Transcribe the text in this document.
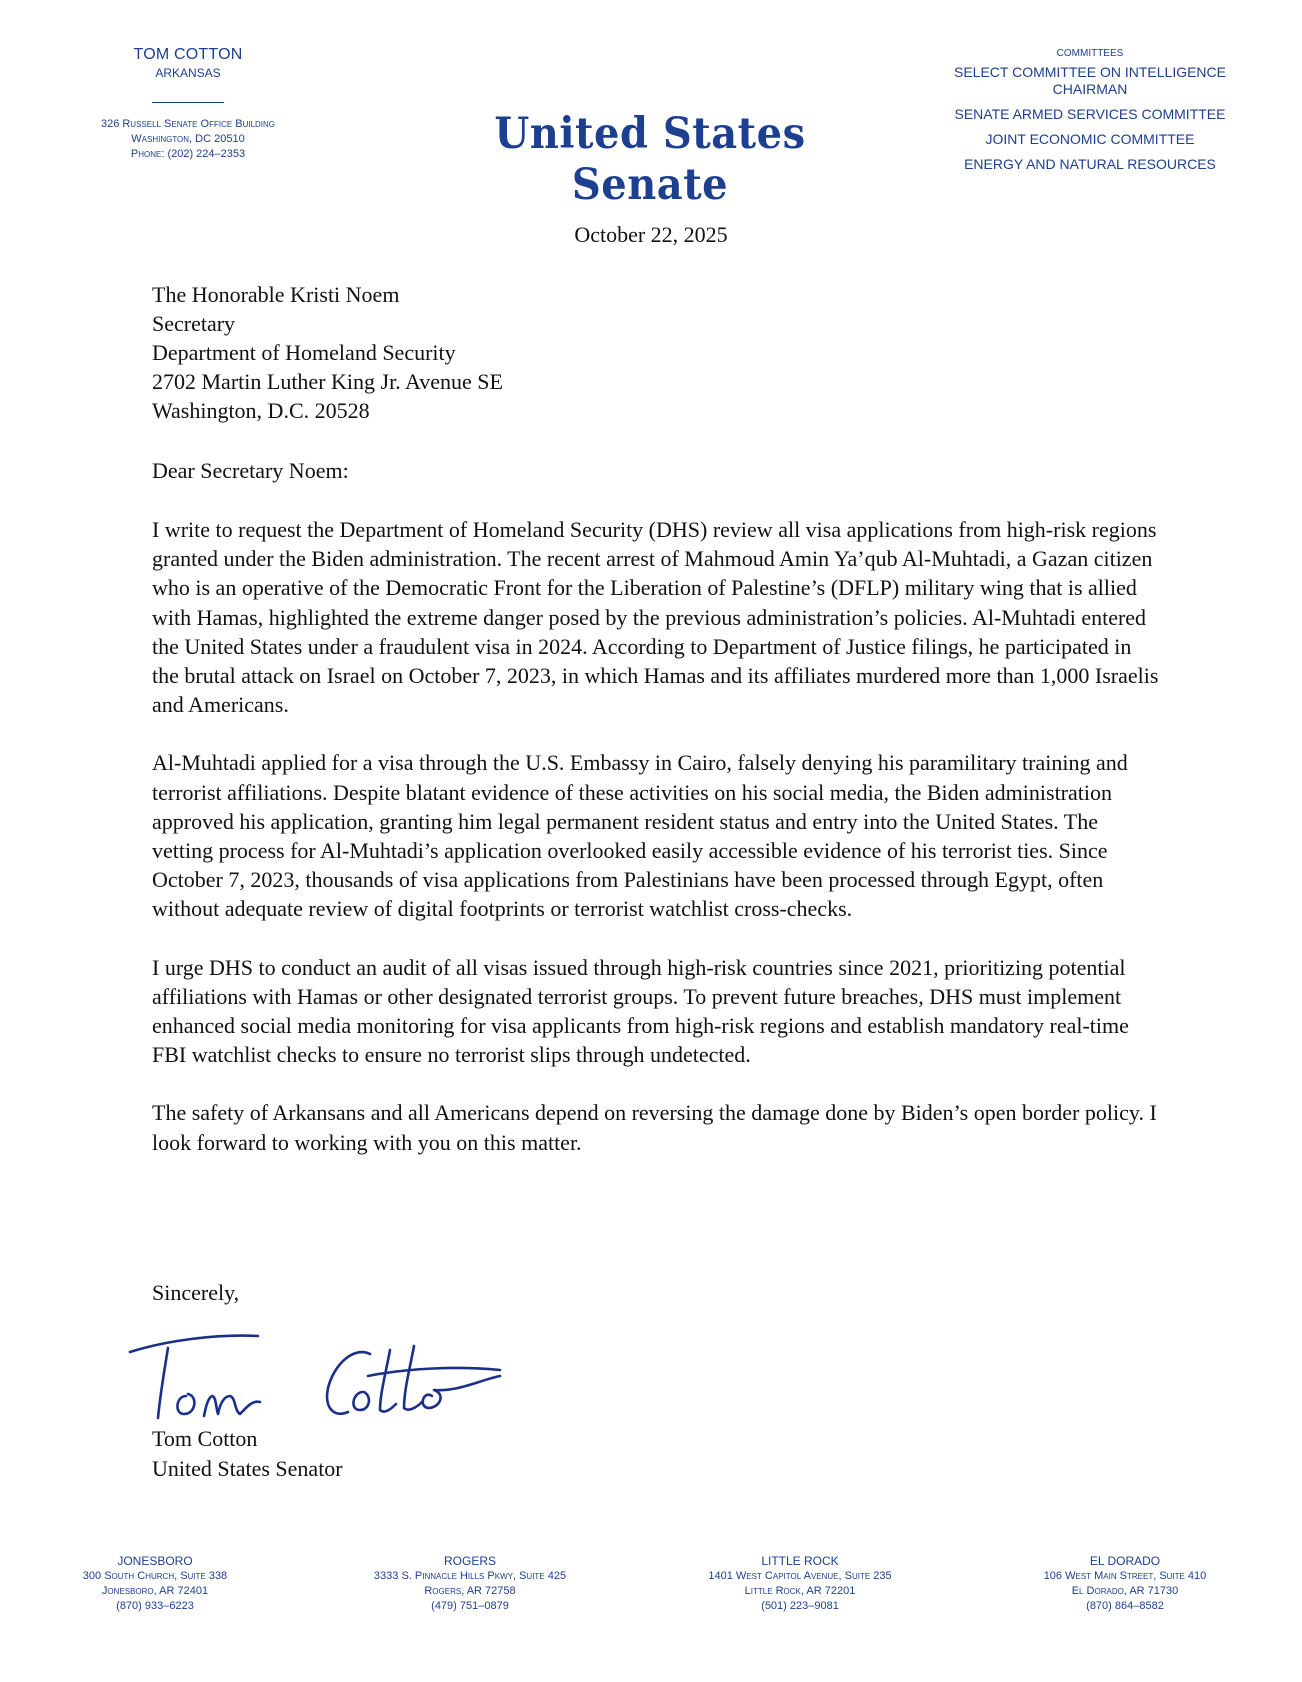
TOM COTTON
ARKANSAS
326 Russell Senate Office Building
Washington, DC 20510
Phone: (202) 224–2353	United States Senate
COMMITTEES
SELECT COMMITTEE ON INTELLIGENCE
CHAIRMAN
SENATE ARMED SERVICES COMMITTEE
JOINT ECONOMIC COMMITTEE
ENERGY AND NATURAL RESOURCES
October 22, 2025
The Honorable Kristi Noem
Secretary
Department of Homeland Security
2702 Martin Luther King Jr. Avenue SE
Washington, D.C. 20528
Dear Secretary Noem:

I write to request the Department of Homeland Security (DHS) review all visa applications from high-risk regions granted under the Biden administration. The recent arrest of Mahmoud Amin Ya’qub Al-Muhtadi, a Gazan citizen who is an operative of the Democratic Front for the Liberation of Palestine’s (DFLP) military wing that is allied with Hamas, highlighted the extreme danger posed by the previous administration’s policies. Al-Muhtadi entered the United States under a fraudulent visa in 2024. According to Department of Justice filings, he participated in the brutal attack on Israel on October 7, 2023, in which Hamas and its affiliates murdered more than 1,000 Israelis and Americans.

Al-Muhtadi applied for a visa through the U.S. Embassy in Cairo, falsely denying his paramilitary training and terrorist affiliations. Despite blatant evidence of these activities on his social media, the Biden administration approved his application, granting him legal permanent resident status and entry into the United States. The vetting process for Al-Muhtadi’s application overlooked easily accessible evidence of his terrorist ties. Since October 7, 2023, thousands of visa applications from Palestinians have been processed through Egypt, often without adequate review of digital footprints or terrorist watchlist cross-checks.

I urge DHS to conduct an audit of all visas issued through high-risk countries since 2021, prioritizing potential affiliations with Hamas or other designated terrorist groups. To prevent future breaches, DHS must implement enhanced social media monitoring for visa applicants from high-risk regions and establish mandatory real-time FBI watchlist checks to ensure no terrorist slips through undetected.

The safety of Arkansans and all Americans depend on reversing the damage done by Biden’s open border policy. I look forward to working with you on this matter.

Sincerely,
Tom Cotton
United States Senator
JONESBORO
300 South Church, Suite 338
Jonesboro, AR 72401
(870) 933–6223
ROGERS
3333 S. Pinnacle Hills Pkwy, Suite 425
Rogers, AR 72758
(479) 751–0879
LITTLE ROCK
1401 West Capitol Avenue, Suite 235
Little Rock, AR 72201
(501) 223–9081
EL DORADO
106 West Main Street, Suite 410
El Dorado, AR 71730
(870) 864–8582
